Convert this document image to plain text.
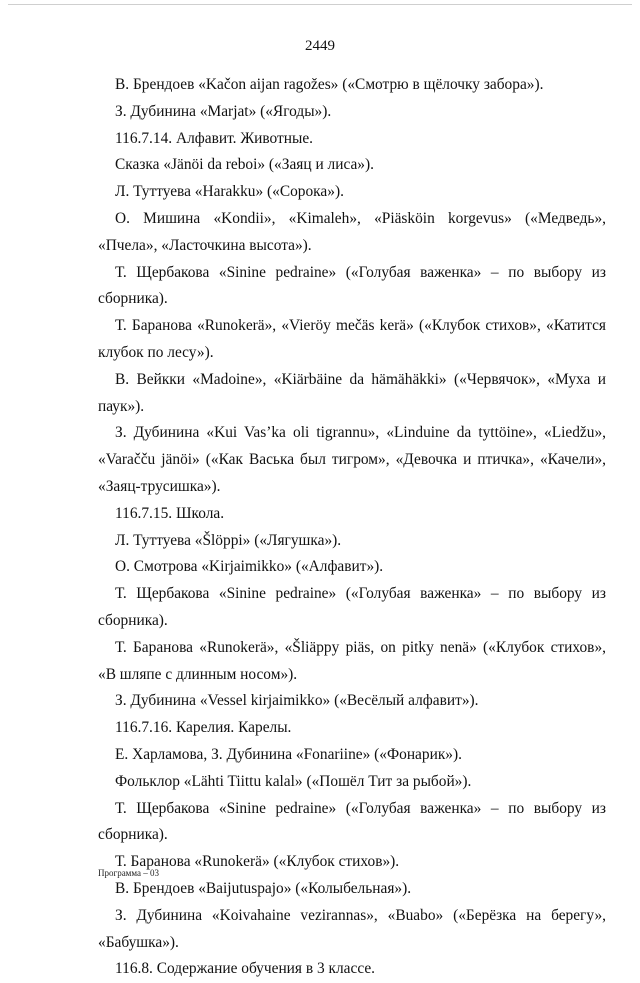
2449

В. Брендоев «Kačon aijan ragožes» («Смотрю в щёлочку забора»).

З. Дубинина «Marjat» («Ягоды»).

116.7.14. Алфавит. Животные.

Сказка «Jänöi da reboi» («Заяц и лиса»).

Л. Туттуева «Harakku» («Сорока»).

О. Мишина «Kondii», «Kimaleh», «Piäsköin korgevus» («Медведь», «Пчела», «Ласточкина высота»).

Т. Щербакова «Sinine pedraine» («Голубая важенка» – по выбору из сборника).

Т. Баранова «Runokerä», «Vieröy mečäs kerä» («Клубок стихов», «Катится клубок по лесу»).

В. Вейкки «Madoine», «Kiärbäine da hämähäkki» («Червячок», «Муха и паук»).

З. Дубинина «Kui Vas’ka oli tigrannu», «Linduine da tyttöine», «Liedžu», «Varačču jänöi» («Как Васька был тигром», «Девочка и птичка», «Качели», «Заяц-трусишка»).

116.7.15. Школа.

Л. Туттуева «Šlöppi» («Лягушка»).

О. Смотрова «Kirjaimikko» («Алфавит»).

Т. Щербакова «Sinine pedraine» («Голубая важенка» – по выбору из сборника).

Т. Баранова «Runokerä», «Šliäppy piäs, on pitky nenä» («Клубок стихов», «В шляпе с длинным носом»).

З. Дубинина «Vessel kirjaimikko» («Весёлый алфавит»).

116.7.16. Карелия. Карелы.

Е. Харламова, З. Дубинина «Fonariine» («Фонарик»).

Фольклор «Lähti Tiittu kalal» («Пошёл Тит за рыбой»).

Т. Щербакова «Sinine pedraine» («Голубая важенка» – по выбору из сборника).

Т. Баранова «Runokerä» («Клубок стихов»).

В. Брендоев «Baijutuspajo» («Колыбельная»).

З. Дубинина «Koivahaine vezirannas», «Buabo» («Берёзка на берегу», «Бабушка»).

116.8. Содержание обучения в 3 классе.

Программа – 03
